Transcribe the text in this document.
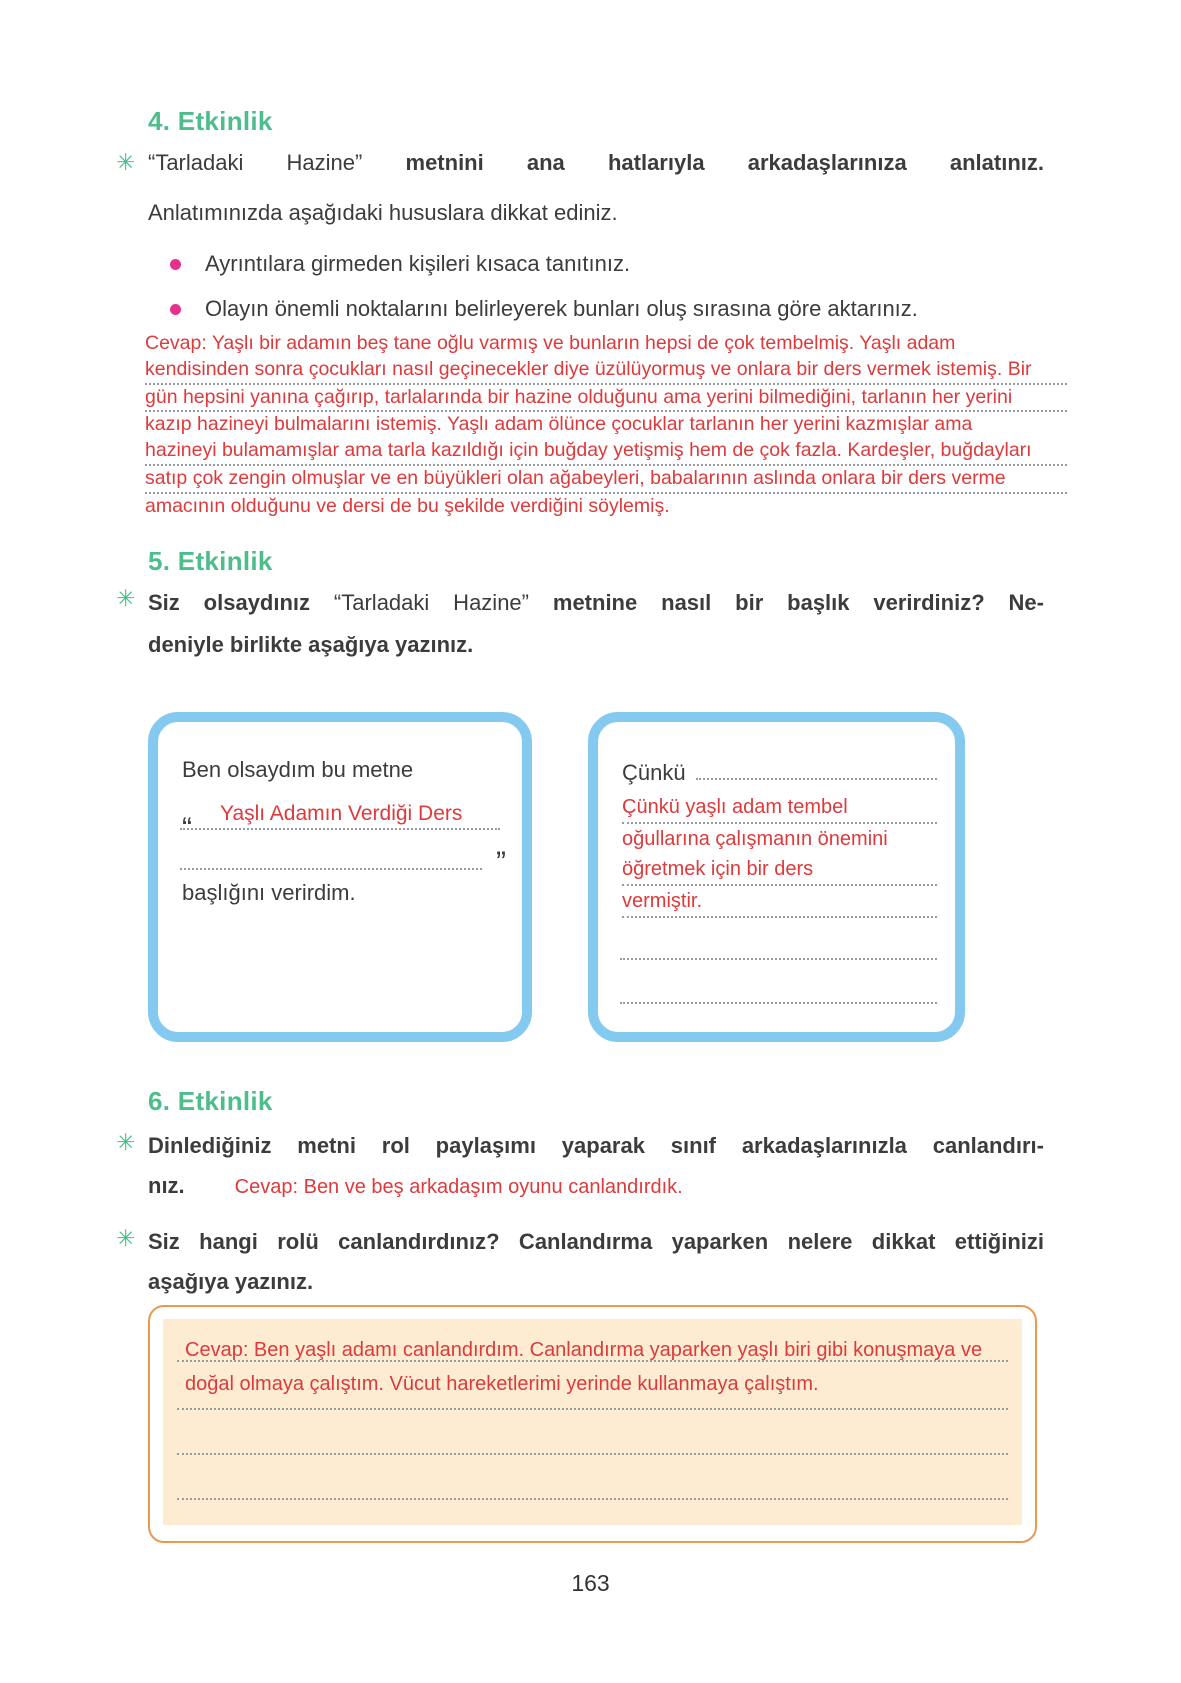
4. Etkinlik
✳ “Tarladaki Hazine” metnini ana hatlarıyla arkadaşlarınıza anlatınız.
Anlatımınızda aşağıdaki hususlara dikkat ediniz.
Ayrıntılara girmeden kişileri kısaca tanıtınız.
Olayın önemli noktalarını belirleyerek bunları oluş sırasına göre aktarınız.
Cevap: Yaşlı bir adamın beş tane oğlu varmış ve bunların hepsi de çok tembelmiş. Yaşlı adam
kendisinden sonra çocukları nasıl geçinecekler diye üzülüyormuş ve onlara bir ders vermek istemiş. Bir
gün hepsini yanına çağırıp, tarlalarında bir hazine olduğunu ama yerini bilmediğini, tarlanın her yerini
kazıp hazineyi bulmalarını istemiş. Yaşlı adam ölünce çocuklar tarlanın her yerini kazmışlar ama
hazineyi bulamamışlar ama tarla kazıldığı için buğday yetişmiş hem de çok fazla. Kardeşler, buğdayları
satıp çok zengin olmuşlar ve en büyükleri olan ağabeyleri, babalarının aslında onlara bir ders verme
amacının olduğunu ve dersi de bu şekilde verdiğini söylemiş.
5. Etkinlik
✳ Siz olsaydınız “Tarladaki Hazine” metnine nasıl bir başlık verirdiniz? Ne-
deniyle birlikte aşağıya yazınız.
Ben olsaydım bu metne
“ Yaşlı Adamın Verdiği Ders
”
başlığını verirdim.
Çünkü
Çünkü yaşlı adam tembel
oğullarına çalışmanın önemini
öğretmek için bir ders
vermiştir.
6. Etkinlik
✳ Dinlediğiniz metni rol paylaşımı yaparak sınıf arkadaşlarınızla canlandırı-
nız.	Cevap: Ben ve beş arkadaşım oyunu canlandırdık.
✳ Siz hangi rolü canlandırdınız? Canlandırma yaparken nelere dikkat ettiğinizi
aşağıya yazınız.
Cevap: Ben yaşlı adamı canlandırdım. Canlandırma yaparken yaşlı biri gibi konuşmaya ve
doğal olmaya çalıştım. Vücut hareketlerimi yerinde kullanmaya çalıştım.
163
